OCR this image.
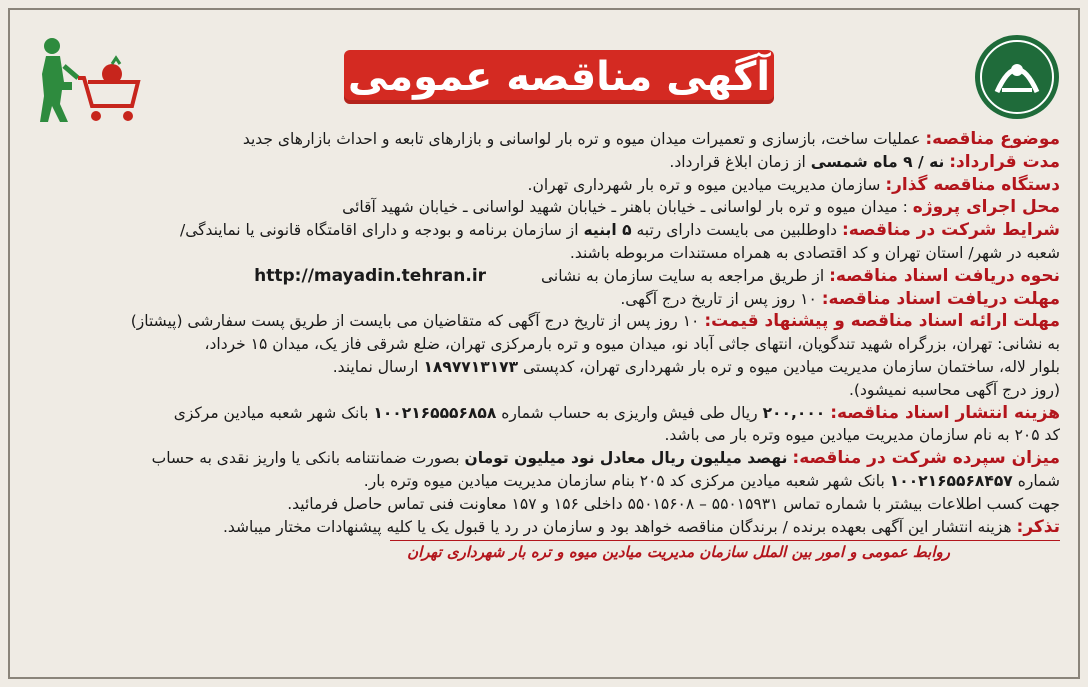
آگهی مناقصه عمومی
موضوع مناقصه: عملیات ساخت، بازسازی و تعمیرات میدان میوه و تره بار لواسانی و بازارهای تابعه و احداث بازارهای جدید
مدت قرارداد: نه / ۹ ماه شمسی از زمان ابلاغ قرارداد.
دستگاه مناقصه گذار: سازمان مدیریت میادین میوه و تره بار شهرداری تهران.
محل اجرای پروژه : میدان میوه و تره بار لواسانی ـ خیابان باهنر ـ خیابان شهید لواسانی ـ خیابان شهید آقائی
شرایط شرکت در مناقصه: داوطلبین می بایست دارای رتبه ۵ ابنیه از سازمان برنامه و بودجه و دارای اقامتگاه قانونی یا نمایندگی/
شعبه در شهر/ استان تهران و کد اقتصادی به همراه مستندات مربوطه باشند.
نحوه دریافت اسناد مناقصه: از طریق مراجعه به سایت سازمان به نشانی http://mayadin.tehran.ir
مهلت دریافت اسناد مناقصه: ۱۰ روز پس از تاریخ درج آگهی.
مهلت ارائه اسناد مناقصه و پیشنهاد قیمت: ۱۰ روز پس از تاریخ درج آگهی که متقاضیان می بایست از طریق پست سفارشی (پیشتاز)
به نشانی: تهران، بزرگراه شهید تندگویان، انتهای جاثی آباد نو، میدان میوه و تره بارمرکزی تهران، ضلع شرقی فاز یک، میدان ۱۵ خرداد،
بلوار لاله، ساختمان سازمان مدیریت میادین میوه و تره بار شهرداری تهران، کدپستی ۱۸۹۷۷۱۳۱۷۳ ارسال نمایند.
(روز درج آگهی محاسبه نمیشود).
هزینه انتشار اسناد مناقصه: ۲۰۰,۰۰۰ ریال طی فیش واریزی به حساب شماره ۱۰۰۲۱۶۵۵۵۶۸۵۸ بانک شهر شعبه میادین مرکزی
کد ۲۰۵ به نام سازمان مدیریت میادین میوه وتره بار می باشد.
میزان سپرده شرکت در مناقصه: نهصد میلیون ریال معادل نود میلیون تومان بصورت ضمانتنامه بانکی یا واریز نقدی به حساب
شماره ۱۰۰۲۱۶۵۵۶۸۴۵۷ بانک شهر شعبه میادین مرکزی کد ۲۰۵ بنام سازمان مدیریت میادین میوه وتره بار.
جهت کسب اطلاعات بیشتر با شماره تماس ۵۵۰۱۵۹۳۱ – ۵۵۰۱۵۶۰۸ داخلی ۱۵۶ و ۱۵۷ معاونت فنی تماس حاصل فرمائید.
تذکر: هزینه انتشار این آگهی بعهده برنده / برندگان مناقصه خواهد بود و سازمان در رد یا قبول یک یا کلیه پیشنهادات مختار میباشد.
روابط عمومی و امور بین الملل سازمان مدیریت میادین میوه و تره بار شهرداری تهران
